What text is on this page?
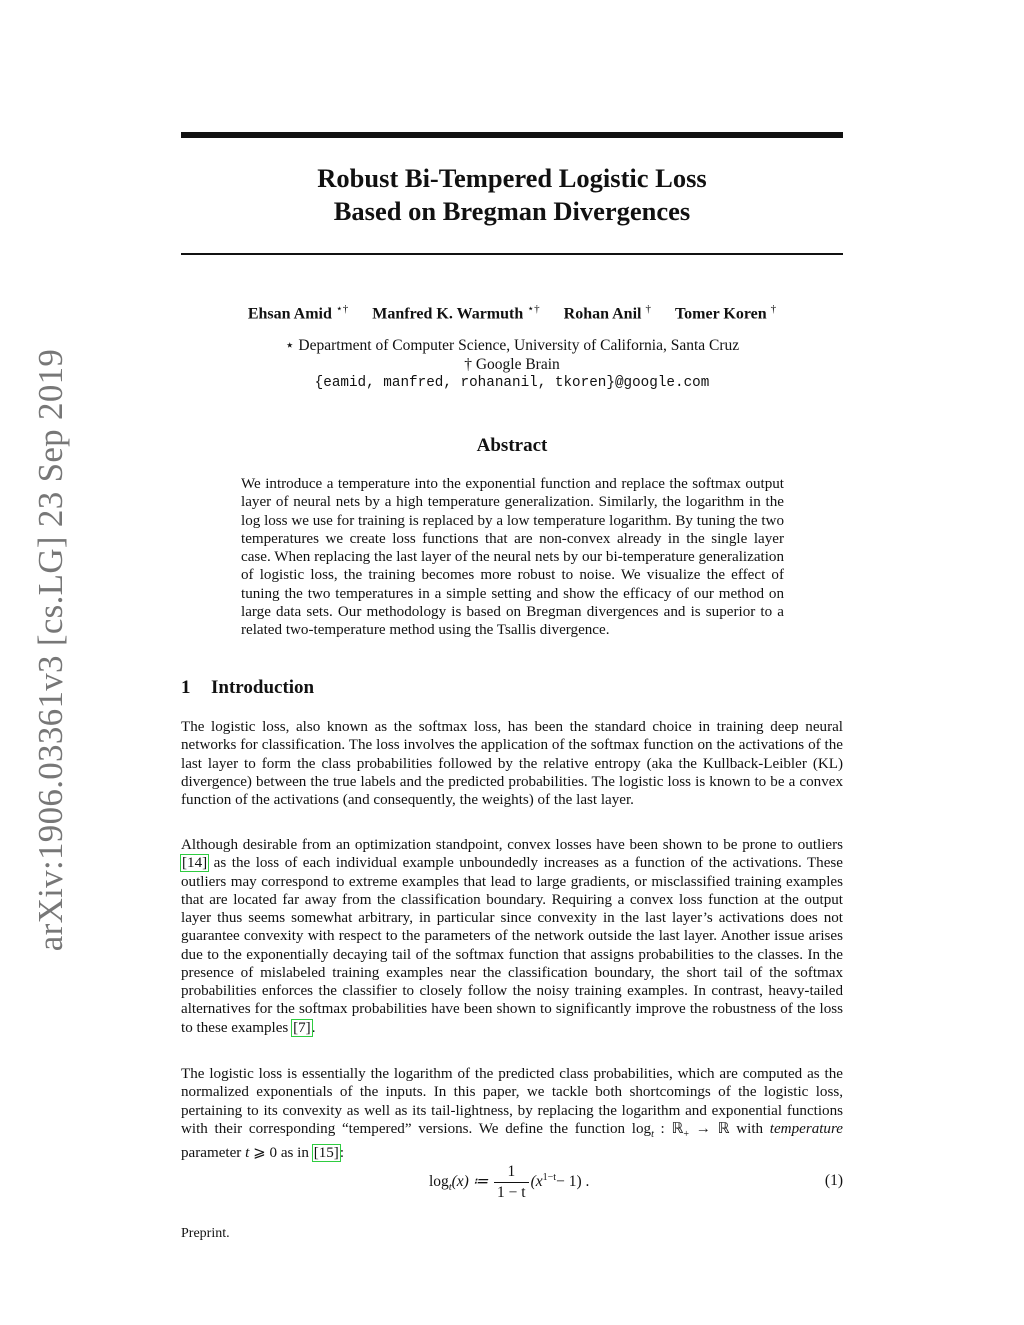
arXiv:1906.03361v3 [cs.LG] 23 Sep 2019
Robust Bi-Tempered Logistic Loss
Based on Bregman Divergences
Ehsan Amid ⋆† Manfred K. Warmuth ⋆† Rohan Anil † Tomer Koren †
⋆ Department of Computer Science, University of California, Santa Cruz
† Google Brain
{eamid, manfred, rohananil, tkoren}@google.com
Abstract
We introduce a temperature into the exponential function and replace the softmax output layer of neural nets by a high temperature generalization. Similarly, the logarithm in the log loss we use for training is replaced by a low temperature logarithm. By tuning the two temperatures we create loss functions that are non-convex already in the single layer case. When replacing the last layer of the neural nets by our bi-temperature generalization of logistic loss, the training becomes more robust to noise. We visualize the effect of tuning the two temperatures in a simple setting and show the efficacy of our method on large data sets. Our methodology is based on Bregman divergences and is superior to a related two-temperature method using the Tsallis divergence.
1 Introduction
The logistic loss, also known as the softmax loss, has been the standard choice in training deep neural networks for classification. The loss involves the application of the softmax function on the activations of the last layer to form the class probabilities followed by the relative entropy (aka the Kullback-Leibler (KL) divergence) between the true labels and the predicted probabilities. The logistic loss is known to be a convex function of the activations (and consequently, the weights) of the last layer.
Although desirable from an optimization standpoint, convex losses have been shown to be prone to outliers [14] as the loss of each individual example unboundedly increases as a function of the activations. These outliers may correspond to extreme examples that lead to large gradients, or misclassified training examples that are located far away from the classification boundary. Requiring a convex loss function at the output layer thus seems somewhat arbitrary, in particular since convexity in the last layer’s activations does not guarantee convexity with respect to the parameters of the network outside the last layer. Another issue arises due to the exponentially decaying tail of the softmax function that assigns probabilities to the classes. In the presence of mislabeled training examples near the classification boundary, the short tail of the softmax probabilities enforces the classifier to closely follow the noisy training examples. In contrast, heavy-tailed alternatives for the softmax probabilities have been shown to significantly improve the robustness of the loss to these examples [7].
The logistic loss is essentially the logarithm of the predicted class probabilities, which are computed as the normalized exponentials of the inputs. In this paper, we tackle both shortcomings of the logistic loss, pertaining to its convexity as well as its tail-lightness, by replacing the logarithm and exponential functions with their corresponding “tempered” versions. We define the function $\log_t$ : ℝ$_+$ → ℝ with temperature parameter t ⩾ 0 as in [15]:
$\log_t(x)$ ≔ $\frac{1}{1 - t} (x^{1-t}- 1)$ .	(1)
Preprint.
